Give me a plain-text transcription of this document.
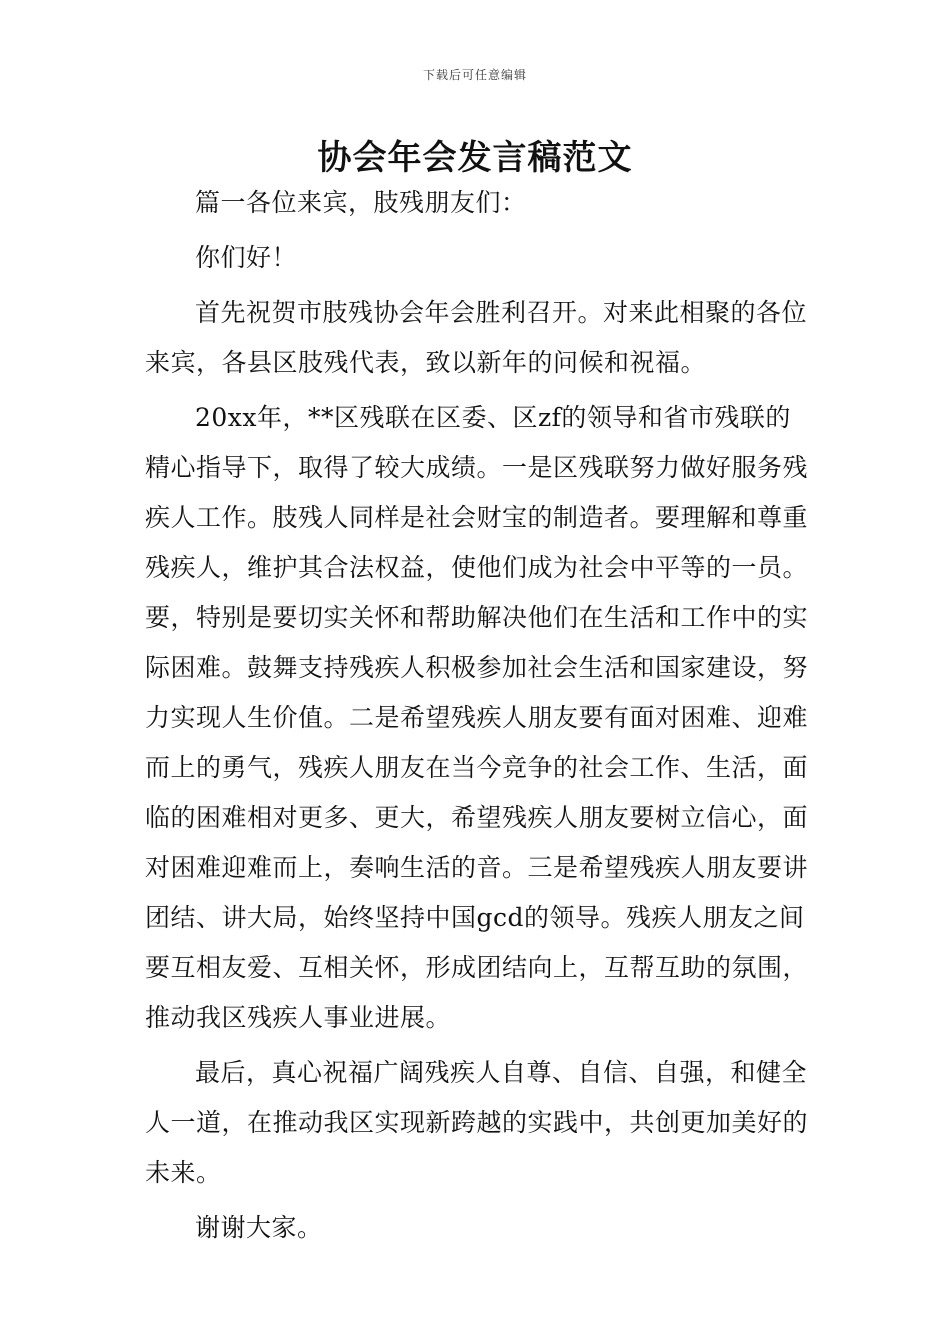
下载后可任意编辑
协会年会发言稿范文

篇一各位来宾，肢残朋友们：

你们好！

首先祝贺市肢残协会年会胜利召开。对来此相聚的各位来宾，各县区肢残代表，致以新年的问候和祝福。

20xx年，**区残联在区委、区zf的领导和省市残联的精心指导下，取得了较大成绩。一是区残联努力做好服务残疾人工作。肢残人同样是社会财宝的制造者。要理解和尊重残疾人，维护其合法权益，使他们成为社会中平等的一员。要，特别是要切实关怀和帮助解决他们在生活和工作中的实际困难。鼓舞支持残疾人积极参加社会生活和国家建设，努力实现人生价值。二是希望残疾人朋友要有面对困难、迎难而上的勇气，残疾人朋友在当今竞争的社会工作、生活，面临的困难相对更多、更大，希望残疾人朋友要树立信心，面对困难迎难而上，奏响生活的音。三是希望残疾人朋友要讲团结、讲大局，始终坚持中国gcd的领导。残疾人朋友之间要互相友爱、互相关怀，形成团结向上，互帮互助的氛围，推动我区残疾人事业进展。

最后，真心祝福广阔残疾人自尊、自信、自强，和健全人一道，在推动我区实现新跨越的实践中，共创更加美好的未来。

谢谢大家。
